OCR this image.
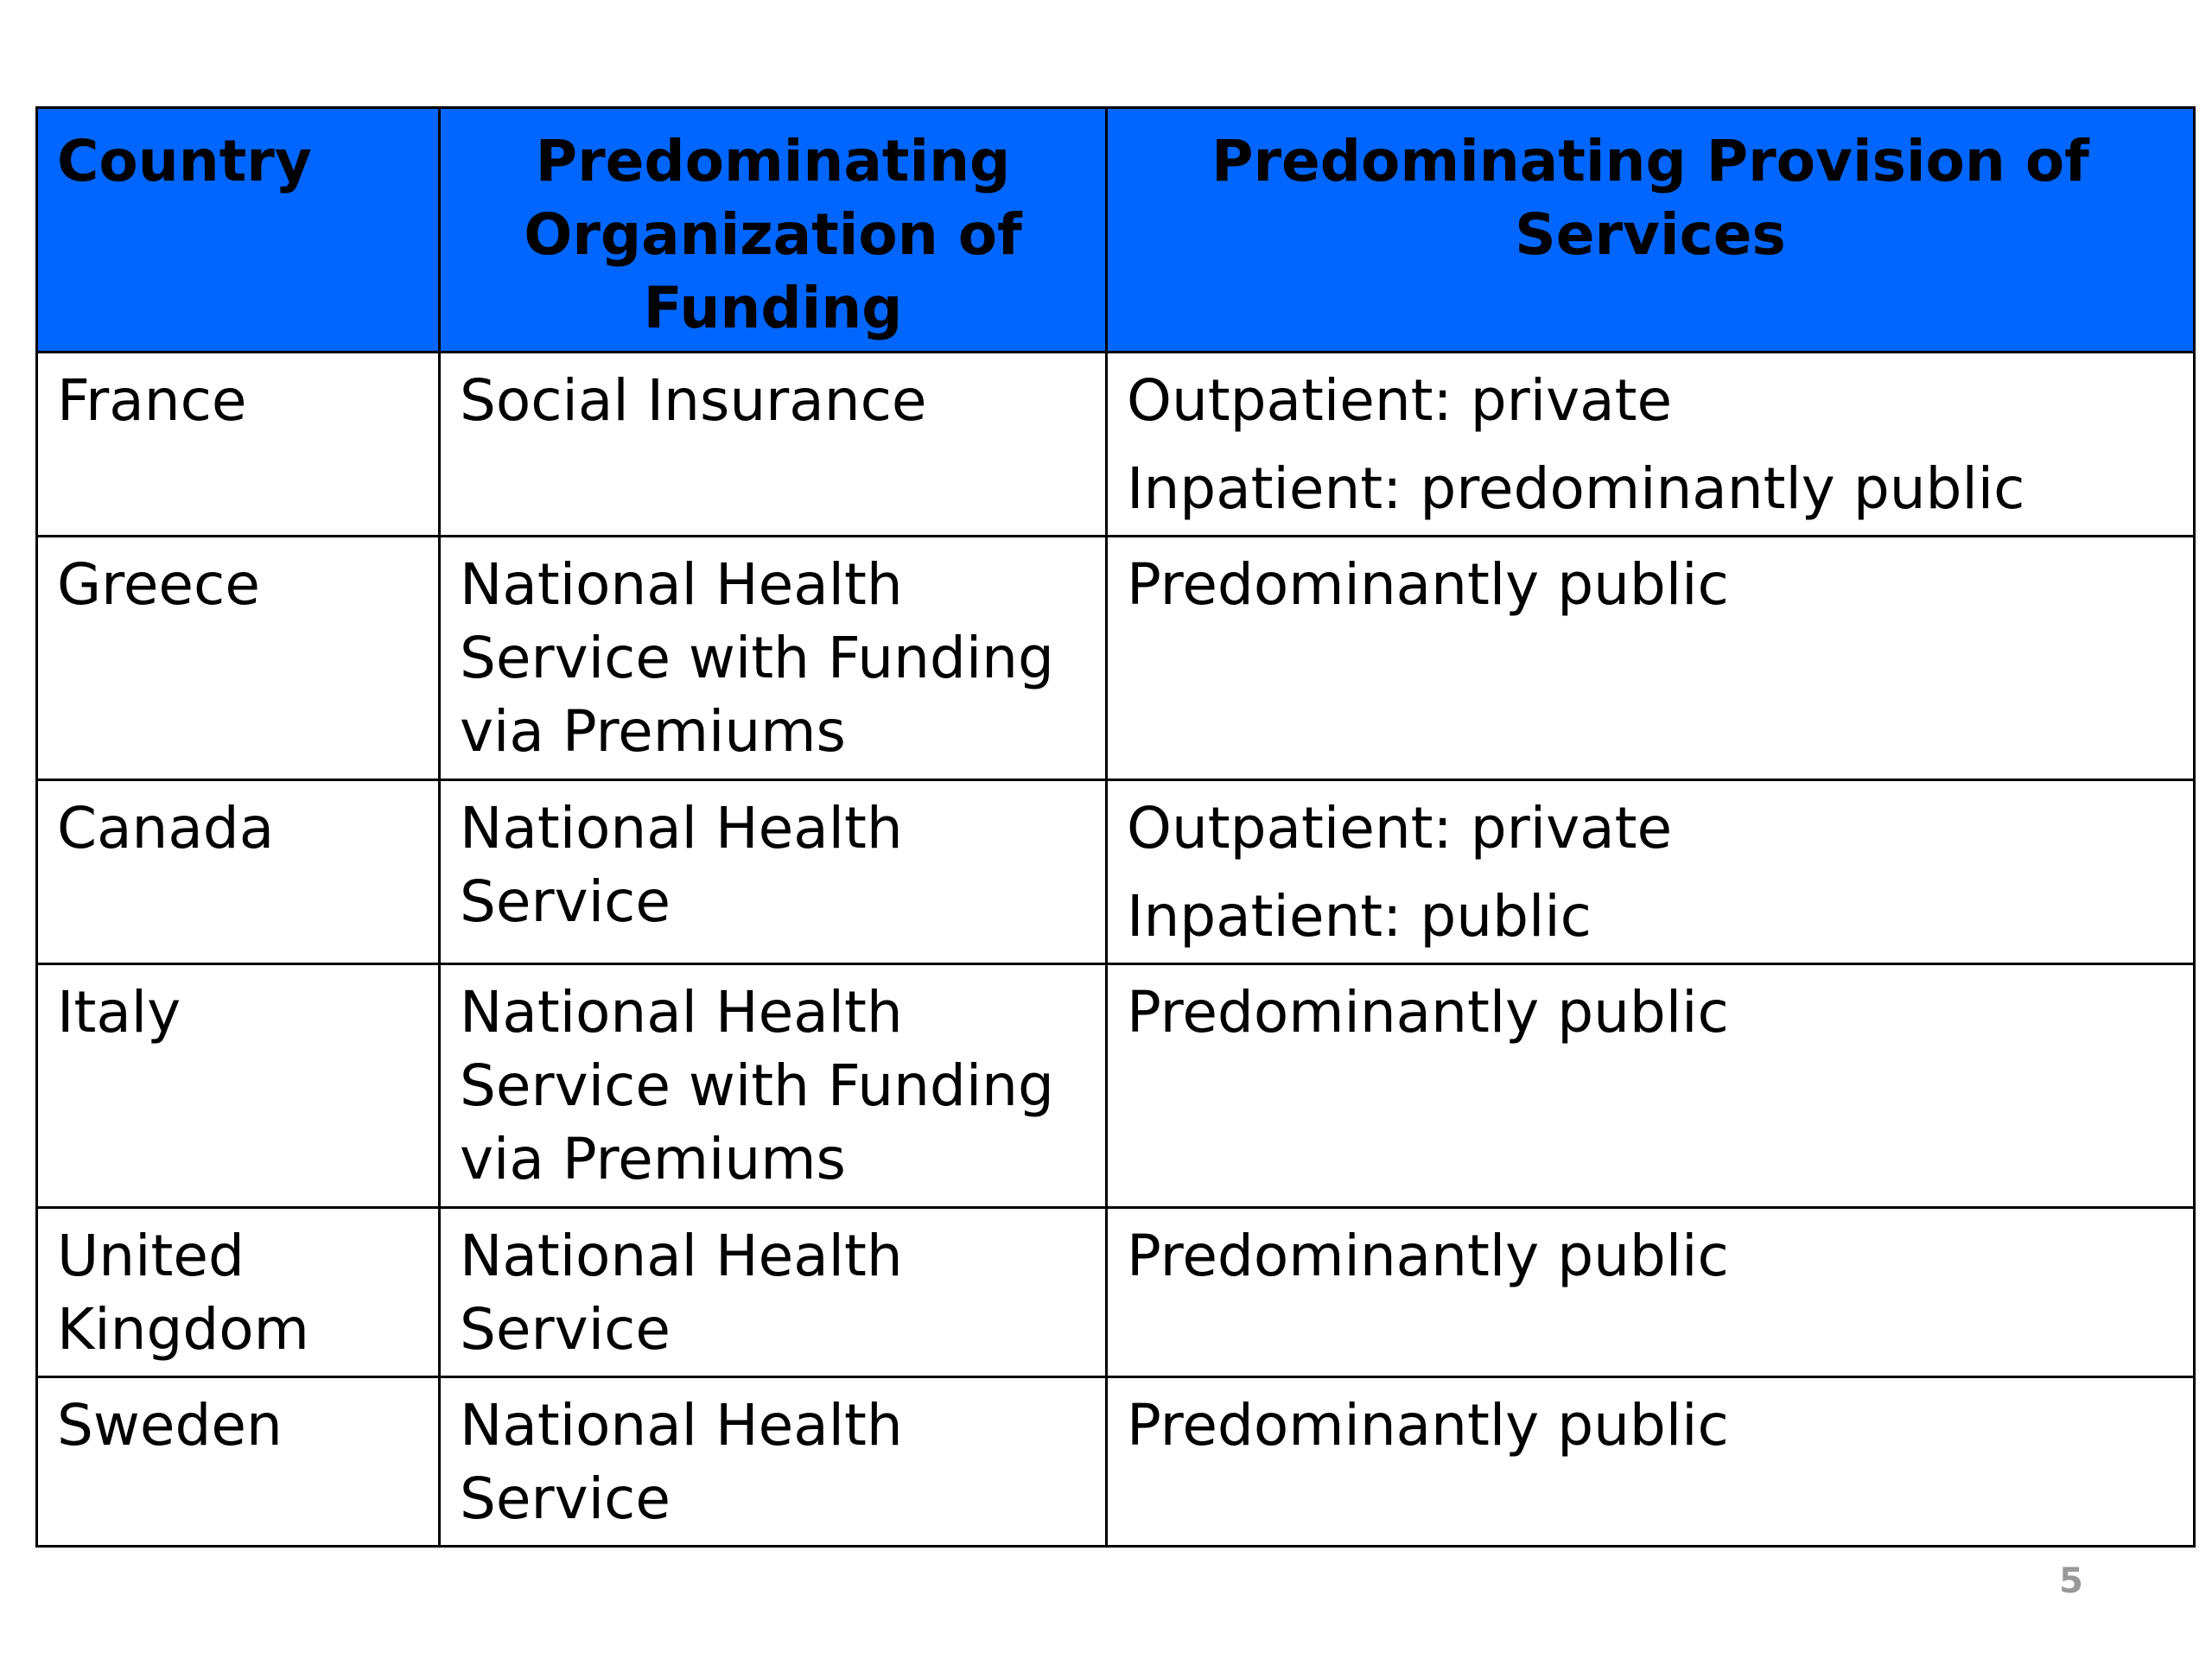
Country	Predominating Organization of Funding	Predominating Provision of Services
France	Social Insurance	Outpatient: private
Inpatient: predominantly public

Greece	National Health Service with Funding via Premiums	Predominantly public

Canada	National Health Service	Outpatient: private
Inpatient: public

Italy	National Health Service with Funding via Premiums	Predominantly public

United Kingdom	National Health Service	Predominantly public

Sweden	National Health Service	Predominantly public
5
